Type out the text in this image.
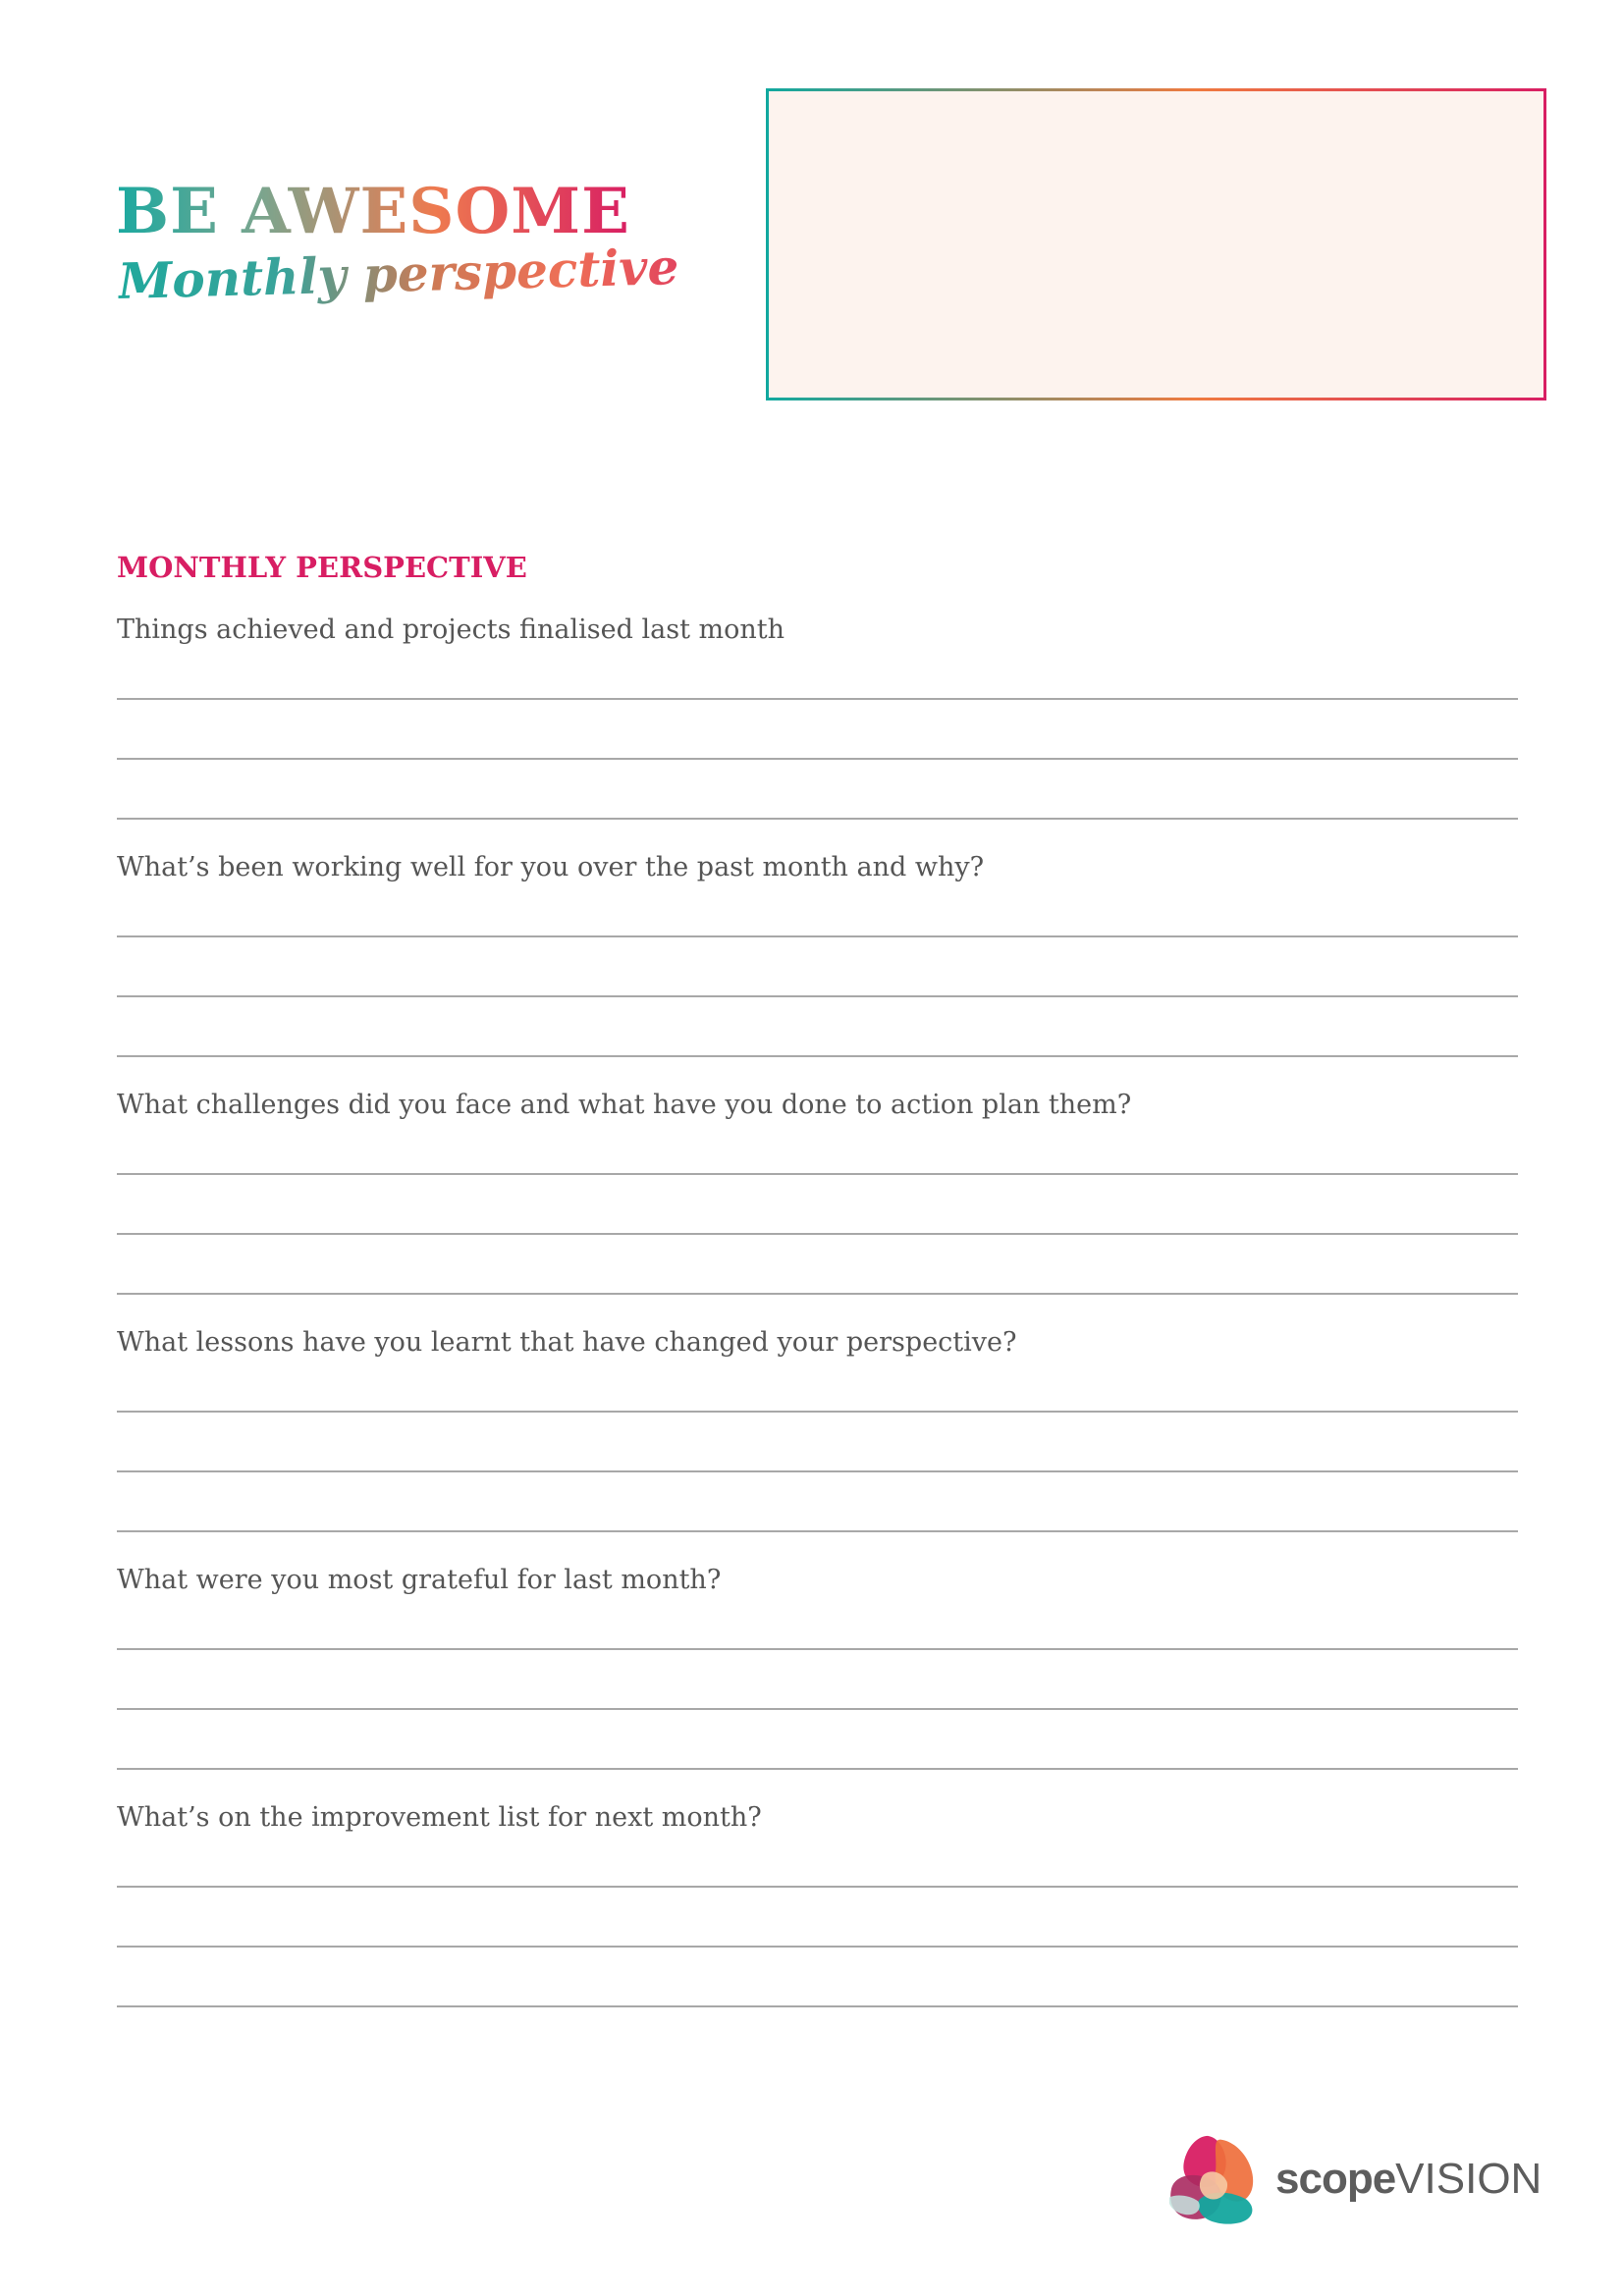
BE AWESOME
Monthly perspective
MONTHLY PERSPECTIVE

Things achieved and projects finalised last month

What’s been working well for you over the past month and why?

What challenges did you face and what have you done to action plan them?

What lessons have you learnt that have changed your perspective?

What were you most grateful for last month?

What’s on the improvement list for next month?

scopeVISION
